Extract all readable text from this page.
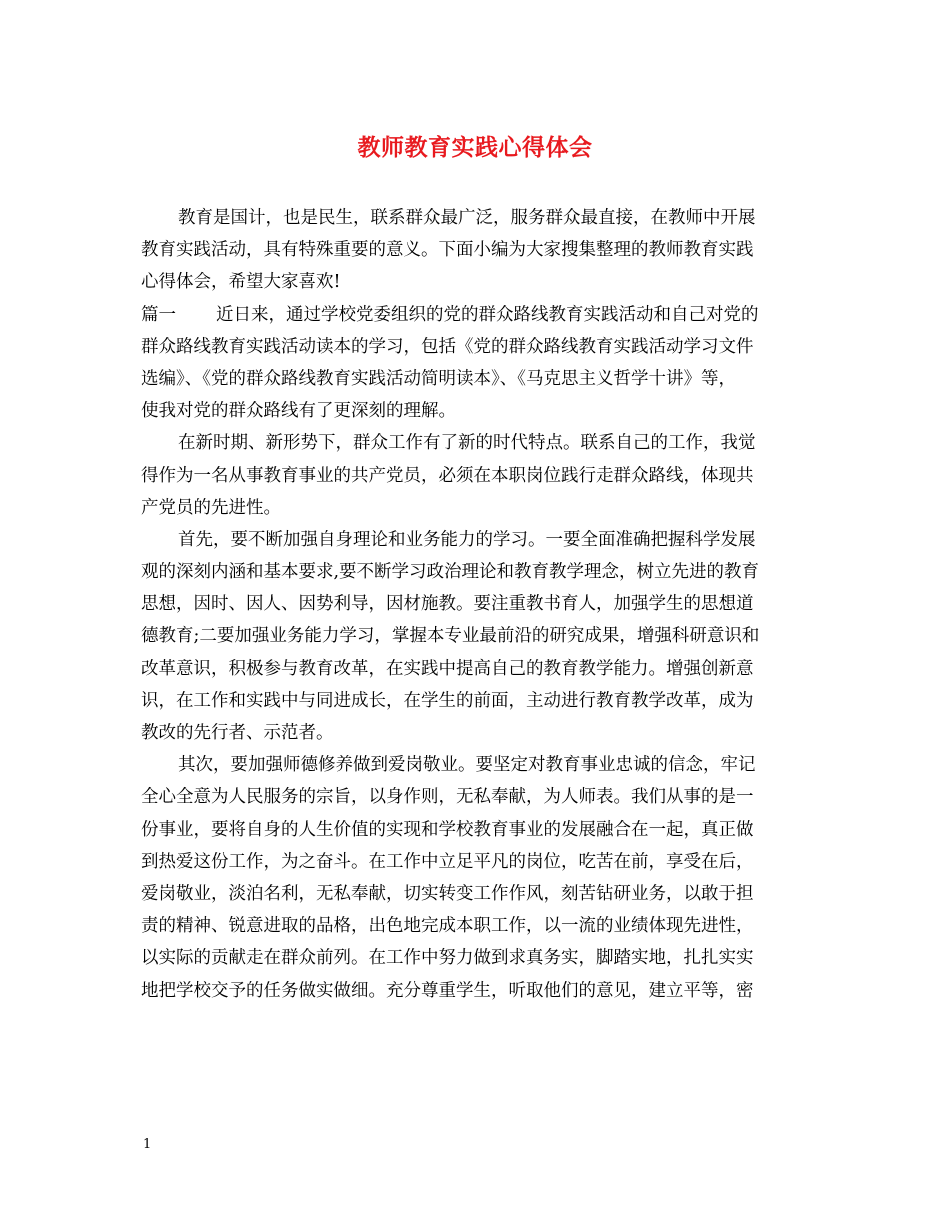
教师教育实践心得体会
教育是国计，也是民生，联系群众最广泛，服务群众最直接，在教师中开展
教育实践活动，具有特殊重要的意义。下面小编为大家搜集整理的教师教育实践
心得体会，希望大家喜欢!
篇一 近日来，通过学校党委组织的党的群众路线教育实践活动和自己对党的
群众路线教育实践活动读本的学习，包括《党的群众路线教育实践活动学习文件
选编》、《党的群众路线教育实践活动简明读本》、《马克思主义哲学十讲》等，
使我对党的群众路线有了更深刻的理解。
在新时期、新形势下，群众工作有了新的时代特点。联系自己的工作，我觉
得作为一名从事教育事业的共产党员，必须在本职岗位践行走群众路线，体现共
产党员的先进性。
首先，要不断加强自身理论和业务能力的学习。一要全面准确把握科学发展
观的深刻内涵和基本要求,要不断学习政治理论和教育教学理念，树立先进的教育
思想，因时、因人、因势利导，因材施教。要注重教书育人，加强学生的思想道
德教育;二要加强业务能力学习，掌握本专业最前沿的研究成果，增强科研意识和
改革意识，积极参与教育改革，在实践中提高自己的教育教学能力。增强创新意
识，在工作和实践中与同进成长，在学生的前面，主动进行教育教学改革，成为
教改的先行者、示范者。
其次，要加强师德修养做到爱岗敬业。要坚定对教育事业忠诚的信念，牢记
全心全意为人民服务的宗旨，以身作则，无私奉献，为人师表。我们从事的是一
份事业，要将自身的人生价值的实现和学校教育事业的发展融合在一起，真正做
到热爱这份工作，为之奋斗。在工作中立足平凡的岗位，吃苦在前，享受在后，
爱岗敬业，淡泊名利，无私奉献，切实转变工作作风，刻苦钻研业务，以敢于担
责的精神、锐意进取的品格，出色地完成本职工作，以一流的业绩体现先进性，
以实际的贡献走在群众前列。在工作中努力做到求真务实，脚踏实地，扎扎实实
地把学校交予的任务做实做细。充分尊重学生，听取他们的意见，建立平等，密
1
